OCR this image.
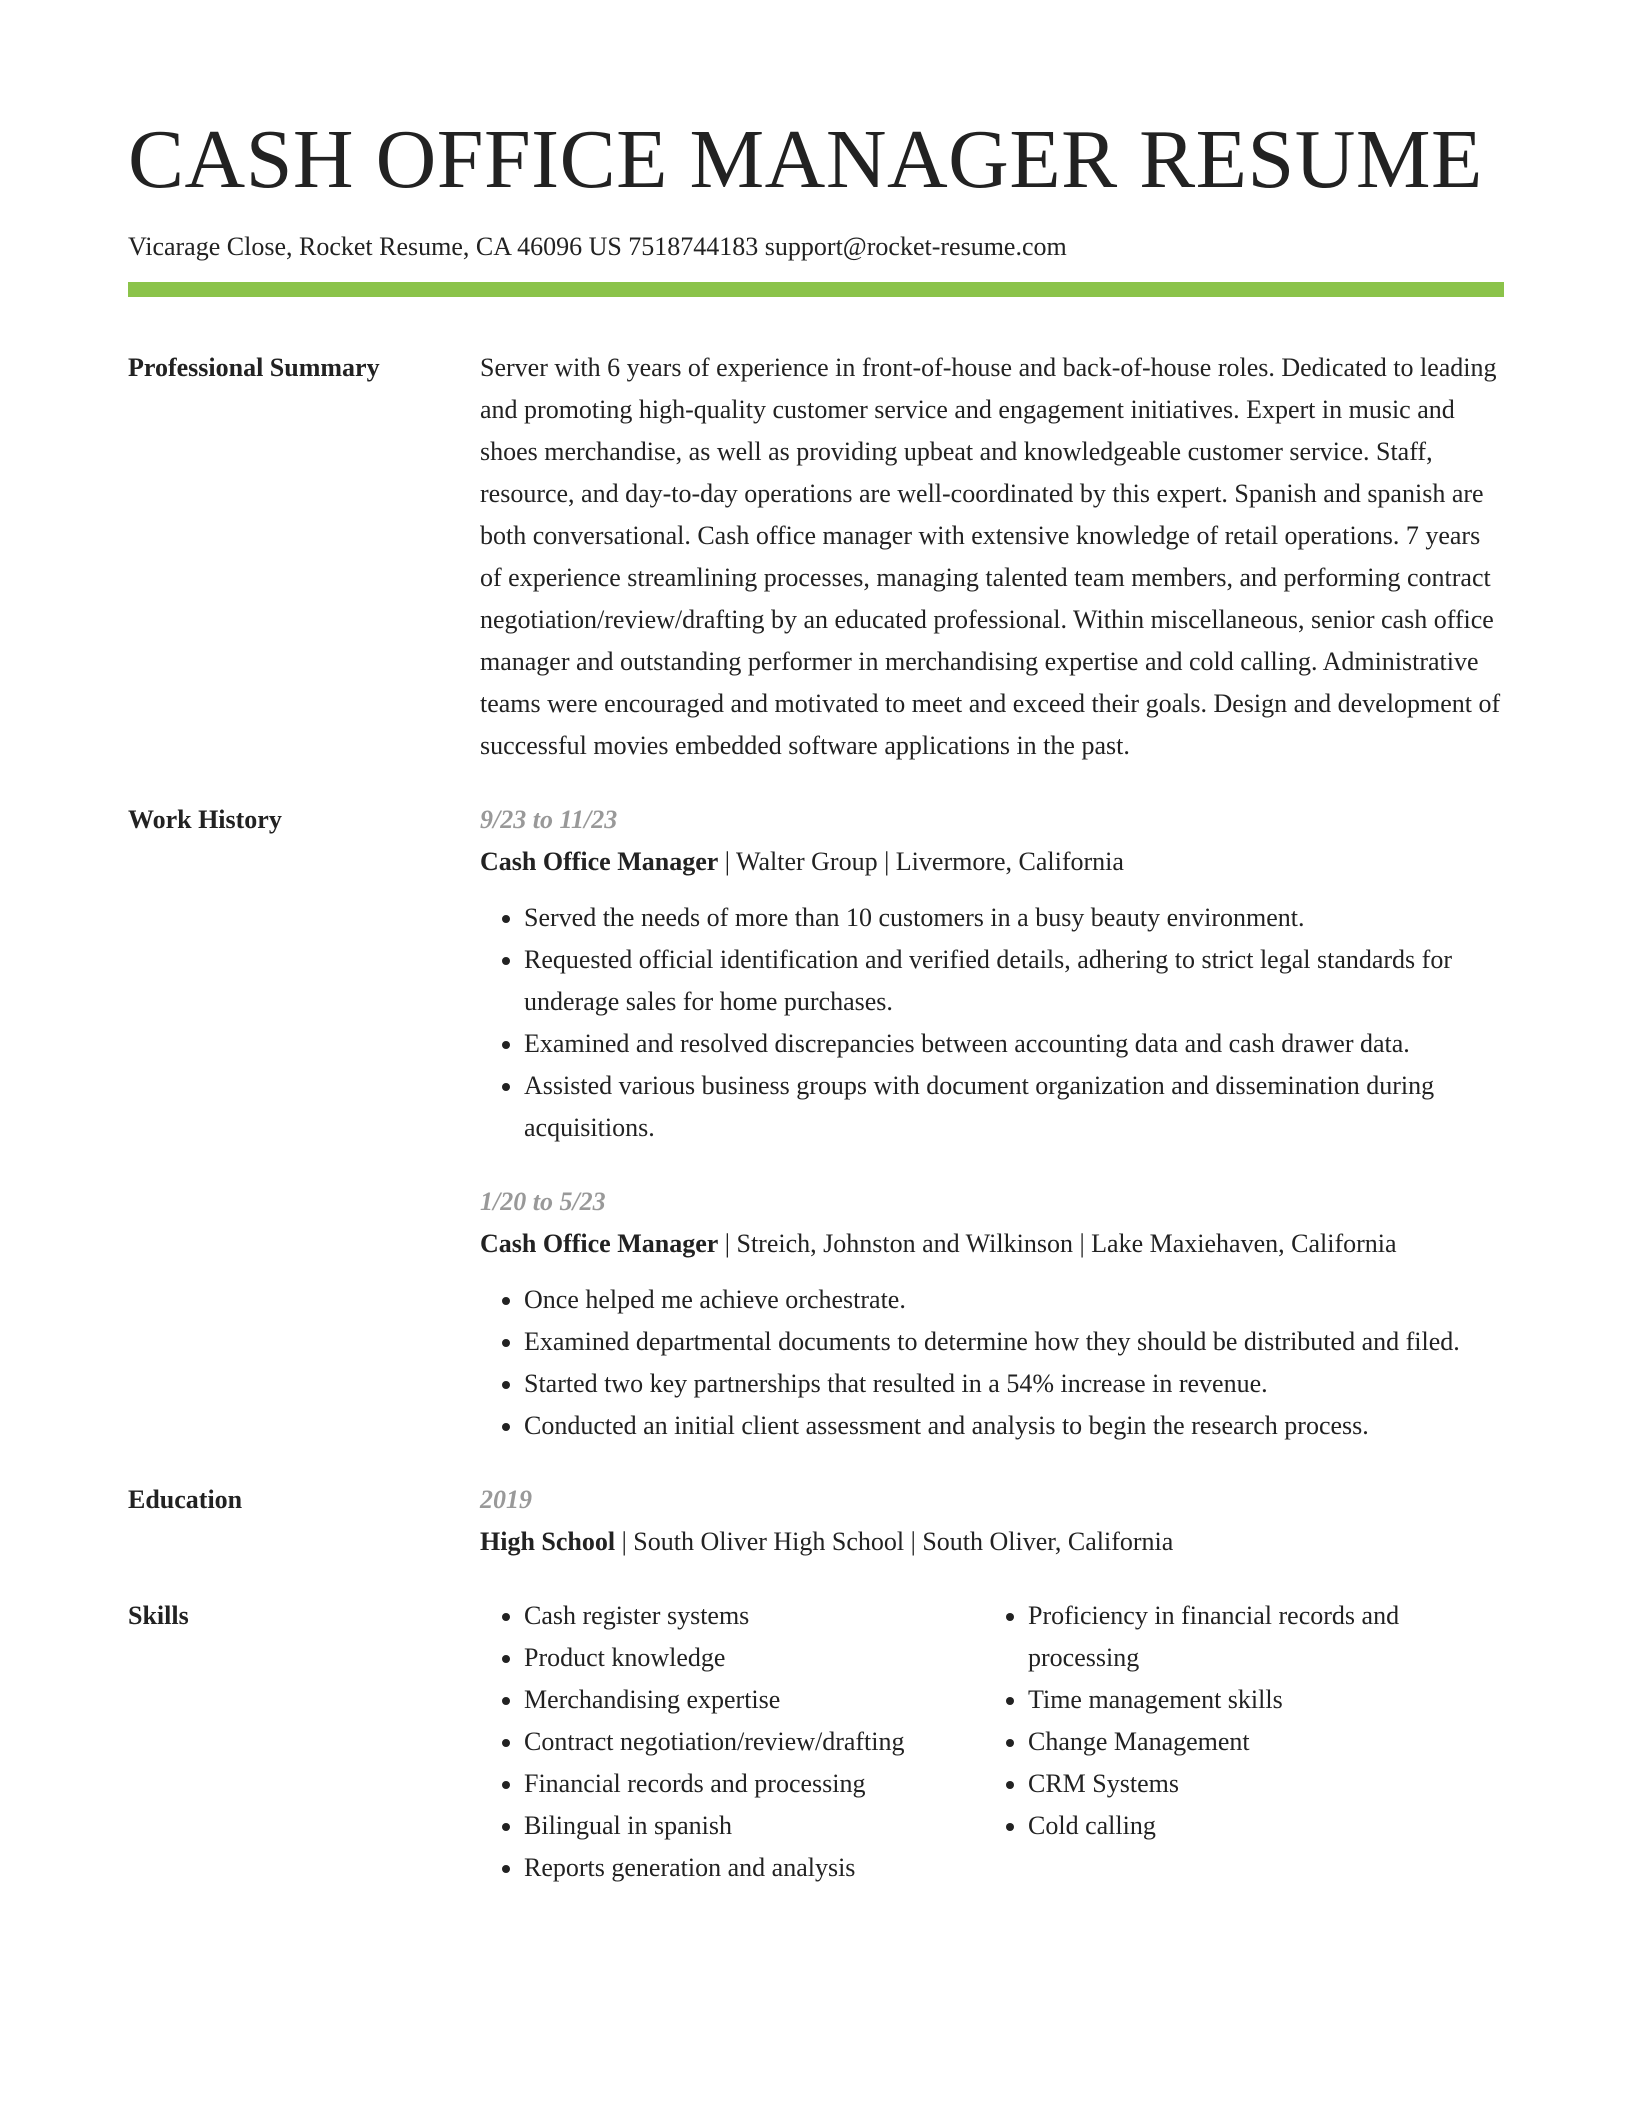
CASH OFFICE MANAGER RESUME
Vicarage Close, Rocket Resume, CA 46096 US 7518744183 support@rocket-resume.com
Professional Summary	Server with 6 years of experience in front-of-house and back-of-house roles. Dedicated to leading and promoting high-quality customer service and engagement initiatives. Expert in music and shoes merchandise, as well as providing upbeat and knowledgeable customer service. Staff, resource, and day-to-day operations are well-coordinated by this expert. Spanish and spanish are both conversational. Cash office manager with extensive knowledge of retail operations. 7 years of experience streamlining processes, managing talented team members, and performing contract negotiation/review/drafting by an educated professional. Within miscellaneous, senior cash office manager and outstanding performer in merchandising expertise and cold calling. Administrative teams were encouraged and motivated to meet and exceed their goals. Design and development of successful movies embedded software applications in the past.
Work History	9/23 to 11/23
Cash Office Manager | Walter Group | Livermore, California
• Served the needs of more than 10 customers in a busy beauty environment.
• Requested official identification and verified details, adhering to strict legal standards for underage sales for home purchases.
• Examined and resolved discrepancies between accounting data and cash drawer data.
• Assisted various business groups with document organization and dissemination during acquisitions.
1/20 to 5/23
Cash Office Manager | Streich, Johnston and Wilkinson | Lake Maxiehaven, California
• Once helped me achieve orchestrate.
• Examined departmental documents to determine how they should be distributed and filed.
• Started two key partnerships that resulted in a 54% increase in revenue.
• Conducted an initial client assessment and analysis to begin the research process.
Education	2019
High School | South Oliver High School | South Oliver, California
Skills
•	Cash register systems
• Product knowledge
• Merchandising expertise
• Contract negotiation/review/drafting
• Financial records and processing
• Bilingual in spanish
• Reports generation and analysis
• Proficiency in financial records and processing
• Time management skills
• Change Management
• CRM Systems
• Cold calling
